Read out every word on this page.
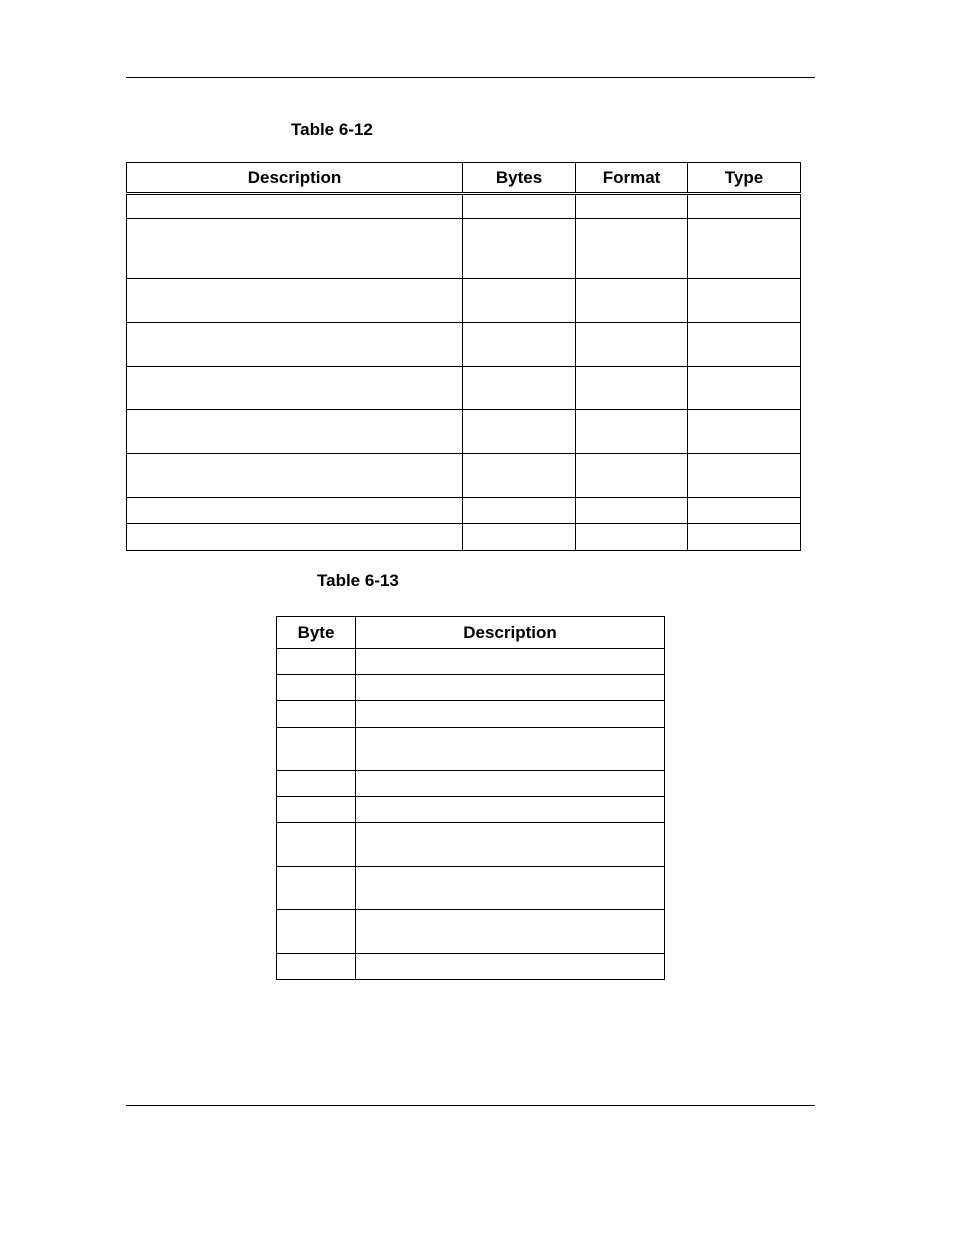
Table 6-12
Description	Bytes	Format	Type

Table 6-13
Byte	Description
